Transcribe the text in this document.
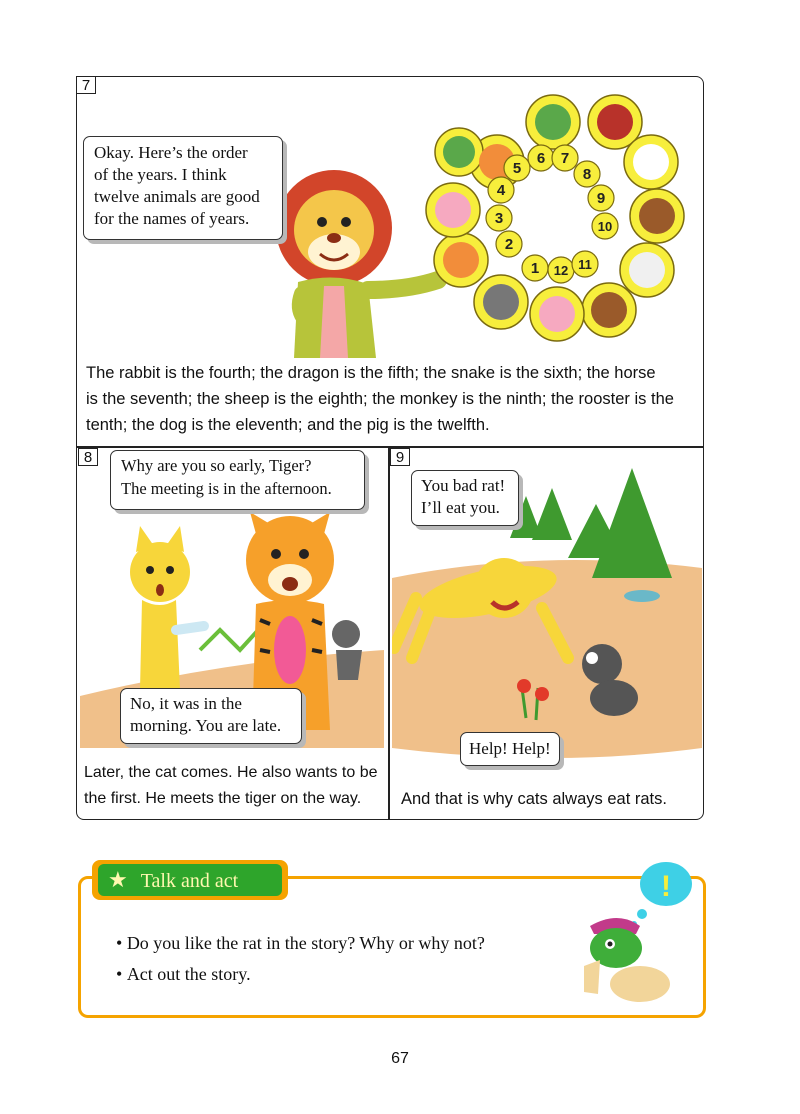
7
1
2
3
4
5
6 7
8
9
10
11
12
Okay. Here’s the order
of the years. I think
twelve animals are good
for the names of years.
The rabbit is the fourth; the dragon is the fifth; the snake is the sixth; the horse
is the seventh; the sheep is the eighth; the monkey is the ninth; the rooster is the
tenth; the dog is the eleventh; and the pig is the twelfth.
8	Why are you so early, Tiger?
The meeting is in the afternoon.
No, it was in the
morning. You are late.
Later, the cat comes. He also wants to be
the first. He meets the tiger on the way.
9
You bad rat!
I’ll eat you.
Help! Help!
And that is why cats always eat rats.
★ Talk and act
• Do you like the rat in the story? Why or why not?
• Act out the story.
!
67
